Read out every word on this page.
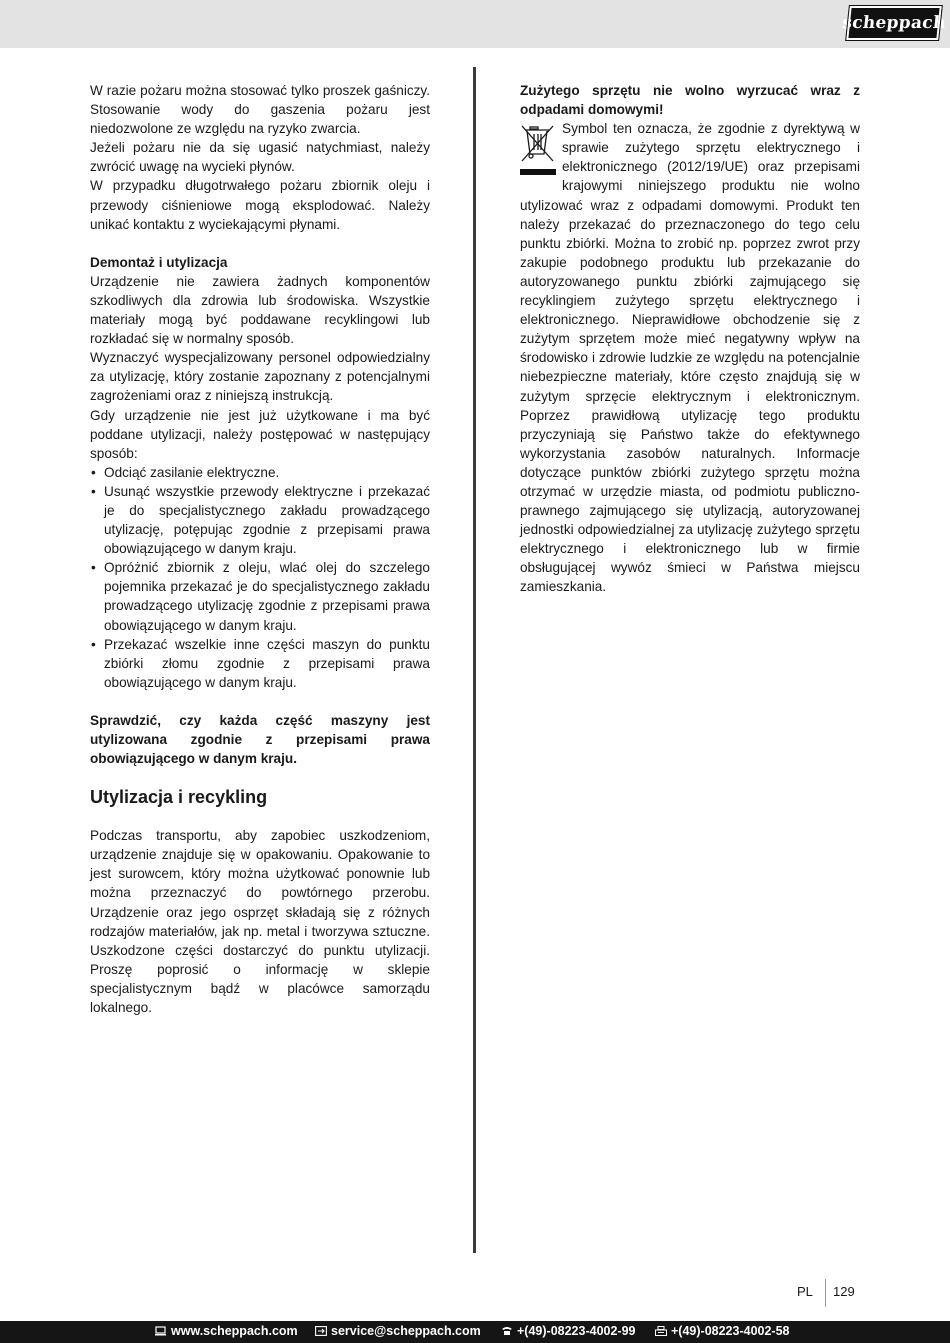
scheppach

W razie pożaru można stosować tylko proszek gaśniczy. Stosowanie wody do gaszenia pożaru jest niedozwolone ze względu na ryzyko zwarcia.

Jeżeli pożaru nie da się ugasić natychmiast, należy zwrócić uwagę na wycieki płynów.

W przypadku długotrwałego pożaru zbiornik oleju i przewody ciśnieniowe mogą eksplodować. Należy unikać kontaktu z wyciekającymi płynami.

Demontaż i utylizacja

Urządzenie nie zawiera żadnych komponentów szkodliwych dla zdrowia lub środowiska. Wszystkie materiały mogą być poddawane recyklingowi lub rozkładać się w normalny sposób.

Wyznaczyć wyspecjalizowany personel odpowiedzialny za utylizację, który zostanie zapoznany z potencjalnymi zagrożeniami oraz z niniejszą instrukcją.

Gdy urządzenie nie jest już użytkowane i ma być poddane utylizacji, należy postępować w następujący sposób:

• Odciąć zasilanie elektryczne.
• Usunąć wszystkie przewody elektryczne i przekazać je do specjalistycznego zakładu prowadzącego utylizację, potępując zgodnie z przepisami prawa obowiązującego w danym kraju.
• Opróżnić zbiornik z oleju, wlać olej do szczelego pojemnika przekazać je do specjalistycznego zakładu prowadzącego utylizację zgodnie z przepisami prawa obowiązującego w danym kraju.
• Przekazać wszelkie inne części maszyn do punktu zbiórki złomu zgodnie z przepisami prawa obowiązującego w danym kraju.

Sprawdzić, czy każda część maszyny jest utylizowana zgodnie z przepisami prawa obowiązującego w danym kraju.

Utylizacja i recykling

Podczas transportu, aby zapobiec uszkodzeniom, urządzenie znajduje się w opakowaniu. Opakowanie to jest surowcem, który można użytkować ponownie lub można przeznaczyć do powtórnego przerobu. Urządzenie oraz jego osprzęt składają się z różnych rodzajów materiałów, jak np. metal i tworzywa sztuczne. Uszkodzone części dostarczyć do punktu utylizacji. Proszę poprosić o informację w sklepie specjalistycznym bądź w placówce samorządu lokalnego.

Zużytego sprzętu nie wolno wyrzucać wraz z odpadami domowymi!

Symbol ten oznacza, że zgodnie z dyrektywą w sprawie zużytego sprzętu elektrycznego i elektronicznego (2012/19/UE) oraz przepisami krajowymi niniejszego produktu nie wolno utylizować wraz z odpadami domowymi. Produkt ten należy przekazać do przeznaczonego do tego celu punktu zbiórki. Można to zrobić np. poprzez zwrot przy zakupie podobnego produktu lub przekazanie do autoryzowanego punktu zbiórki zajmującego się recyklingiem zużytego sprzętu elektrycznego i elektronicznego. Nieprawidłowe obchodzenie się z zużytym sprzętem może mieć negatywny wpływ na środowisko i zdrowie ludzkie ze względu na potencjalnie niebezpieczne materiały, które często znajdują się w zużytym sprzęcie elektrycznym i elektronicznym. Poprzez prawidłową utylizację tego produktu przyczyniają się Państwo także do efektywnego wykorzystania zasobów naturalnych. Informacje dotyczące punktów zbiórki zużytego sprzętu można otrzymać w urzędzie miasta, od podmiotu publiczno-prawnego zajmującego się utylizacją, autoryzowanej jednostki odpowiedzialnej za utylizację zużytego sprzętu elektrycznego i elektronicznego lub w firmie obsługującej wywóz śmieci w Państwa miejscu zamieszkania.

PL 129
www.scheppach.com	service@scheppach.com	+(49)-08223-4002-99	+(49)-08223-4002-58
